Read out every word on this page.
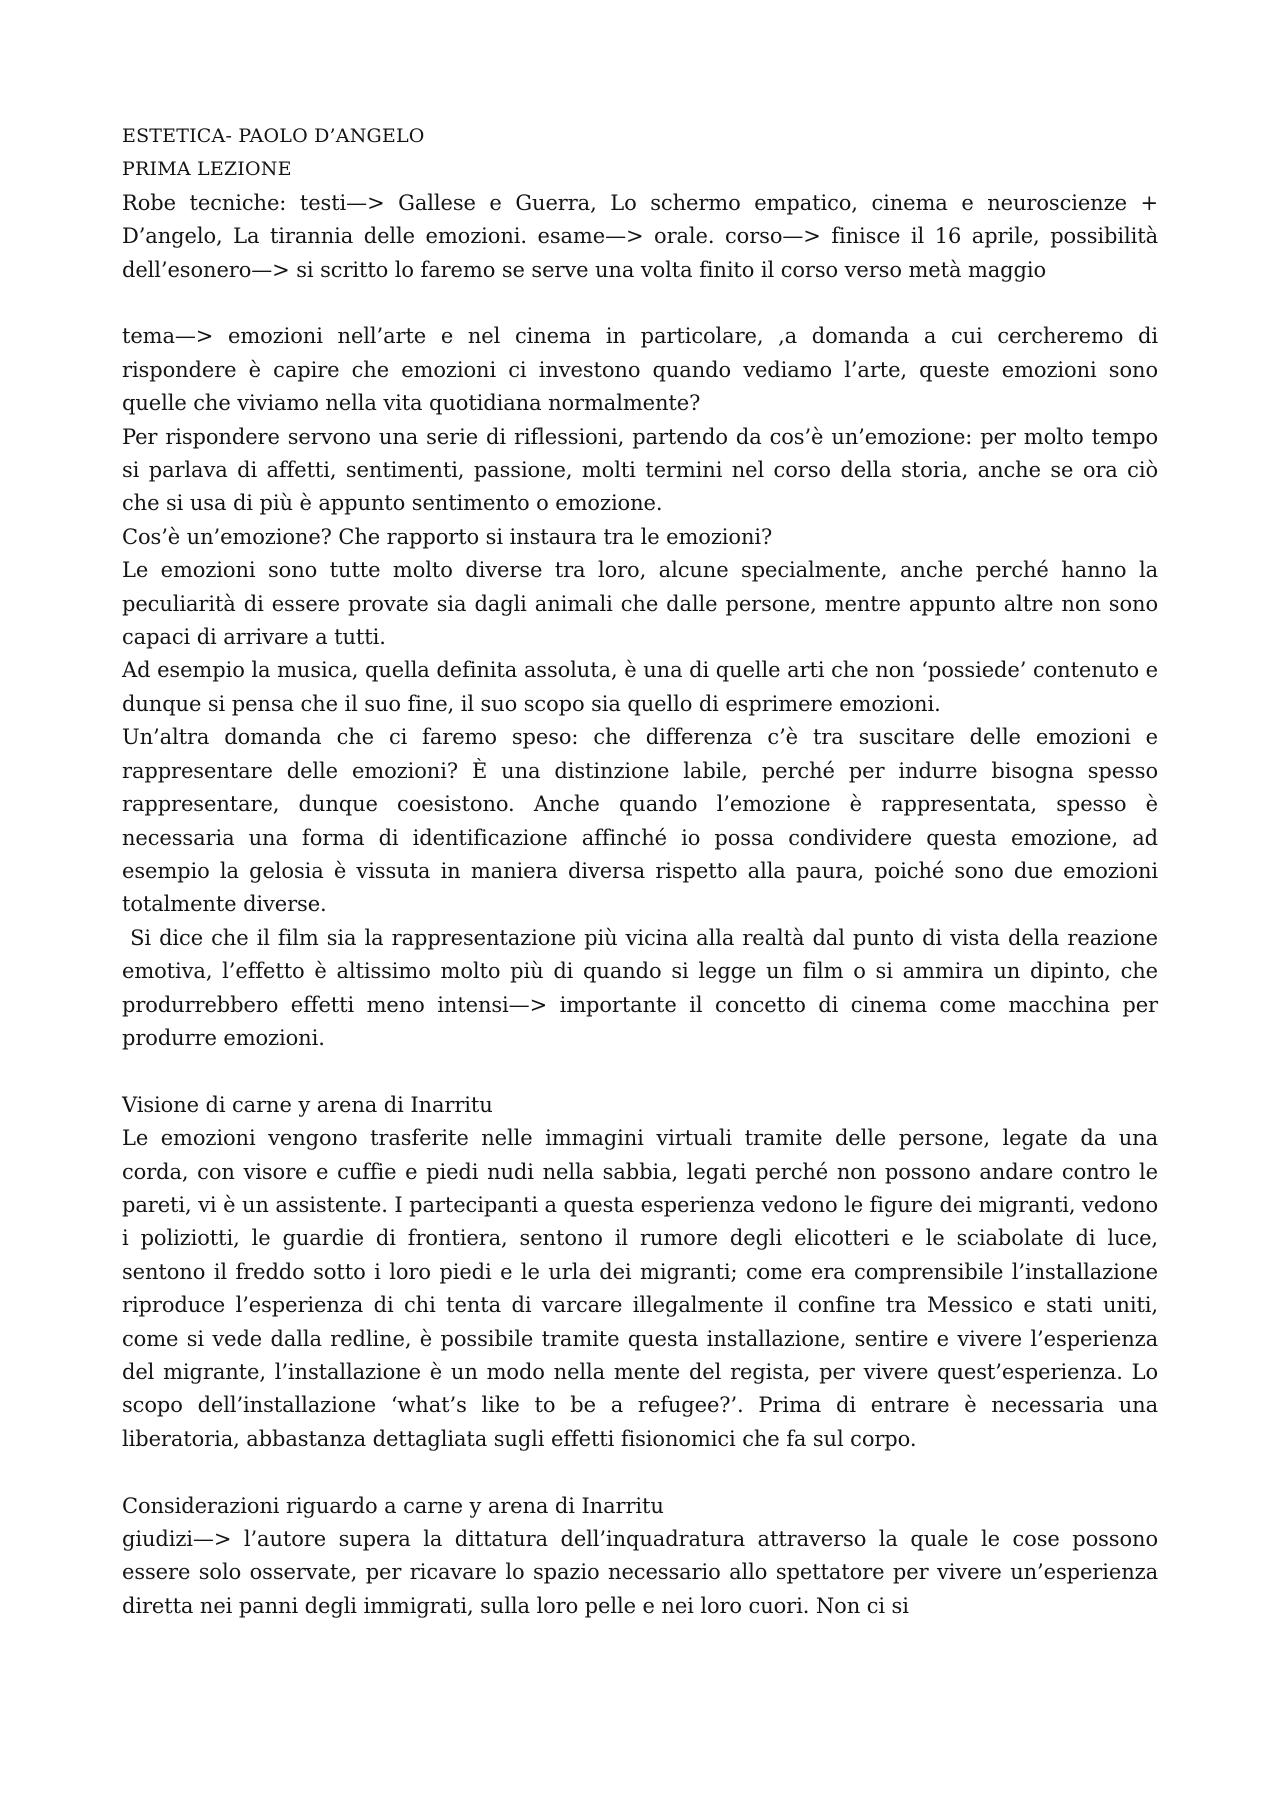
ESTETICA- PAOLO D’ANGELO
PRIMA LEZIONE
Robe tecniche: testi—> Gallese e Guerra, Lo schermo empatico, cinema e neuroscienze + D’angelo, La tirannia delle emozioni. esame—> orale. corso—> finisce il 16 aprile, possibilità dell’esonero—> si scritto lo faremo se serve una volta finito il corso verso metà maggio
tema—> emozioni nell’arte e nel cinema in particolare, ,a domanda a cui cercheremo di rispondere è capire che emozioni ci investono quando vediamo l’arte, queste emozioni sono quelle che viviamo nella vita quotidiana normalmente?
Per rispondere servono una serie di riflessioni, partendo da cos’è un’emozione: per molto tempo si parlava di affetti, sentimenti, passione, molti termini nel corso della storia, anche se ora ciò che si usa di più è appunto sentimento o emozione.
Cos’è un’emozione? Che rapporto si instaura tra le emozioni?
Le emozioni sono tutte molto diverse tra loro, alcune specialmente, anche perché hanno la peculiarità di essere provate sia dagli animali che dalle persone, mentre appunto altre non sono capaci di arrivare a tutti.
Ad esempio la musica, quella definita assoluta, è una di quelle arti che non ‘possiede’ contenuto e dunque si pensa che il suo fine, il suo scopo sia quello di esprimere emozioni.
Un’altra domanda che ci faremo speso: che differenza c’è tra suscitare delle emozioni e rappresentare delle emozioni? È una distinzione labile, perché per indurre bisogna spesso rappresentare, dunque coesistono. Anche quando l’emozione è rappresentata, spesso è necessaria una forma di identificazione affinché io possa condividere questa emozione, ad esempio la gelosia è vissuta in maniera diversa rispetto alla paura, poiché sono due emozioni totalmente diverse.
Si dice che il film sia la rappresentazione più vicina alla realtà dal punto di vista della reazione emotiva, l’effetto è altissimo molto più di quando si legge un film o si ammira un dipinto, che produrrebbero effetti meno intensi—> importante il concetto di cinema come macchina per produrre emozioni.
Visione di carne y arena di Inarritu
Le emozioni vengono trasferite nelle immagini virtuali tramite delle persone, legate da una corda, con visore e cuffie e piedi nudi nella sabbia, legati perché non possono andare contro le pareti, vi è un assistente. I partecipanti a questa esperienza vedono le figure dei migranti, vedono i poliziotti, le guardie di frontiera, sentono il rumore degli elicotteri e le sciabolate di luce, sentono il freddo sotto i loro piedi e le urla dei migranti; come era comprensibile l’installazione riproduce l’esperienza di chi tenta di varcare illegalmente il confine tra Messico e stati uniti, come si vede dalla redline, è possibile tramite questa installazione, sentire e vivere l’esperienza del migrante, l’installazione è un modo nella mente del regista, per vivere quest’esperienza. Lo scopo dell’installazione ‘what’s like to be a refugee?’. Prima di entrare è necessaria una liberatoria, abbastanza dettagliata sugli effetti fisionomici che fa sul corpo.
Considerazioni riguardo a carne y arena di Inarritu
giudizi—> l’autore supera la dittatura dell’inquadratura attraverso la quale le cose possono essere solo osservate, per ricavare lo spazio necessario allo spettatore per vivere un’esperienza diretta nei panni degli immigrati, sulla loro pelle e nei loro cuori. Non ci si
